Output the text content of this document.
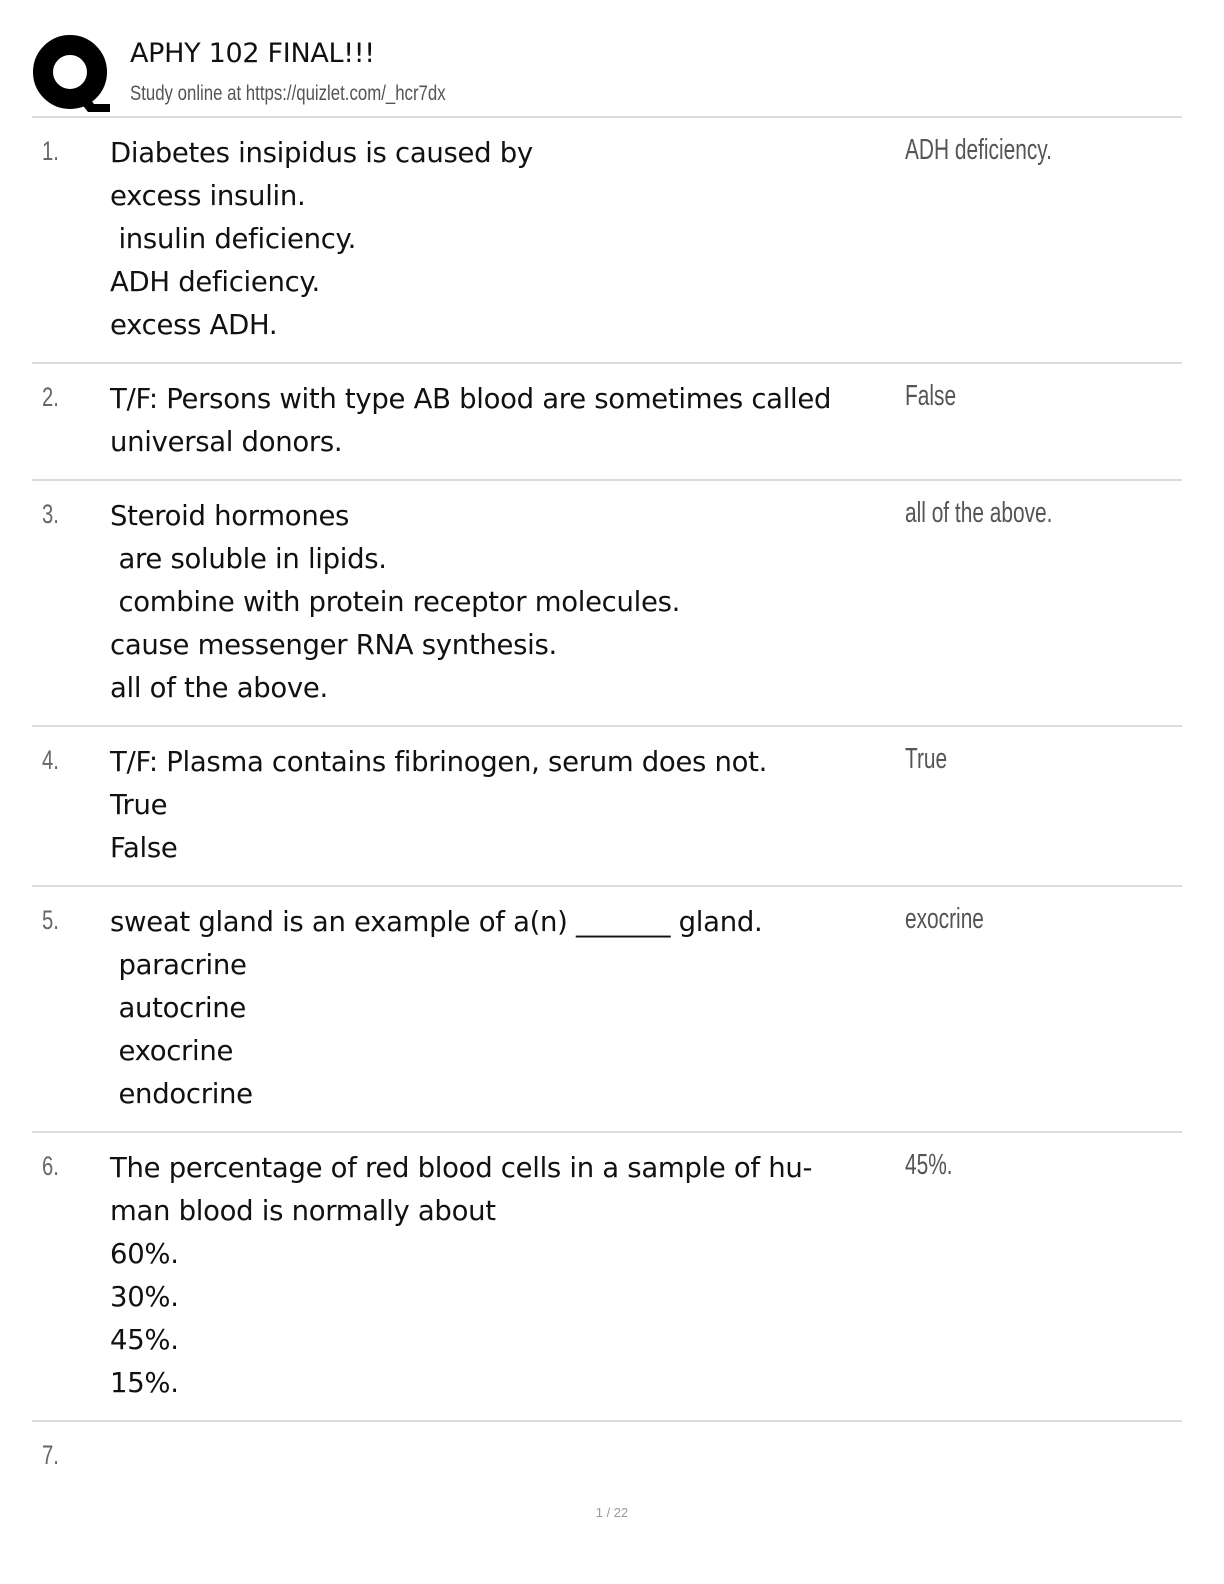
APHY 102 FINAL!!!
Study online at https://quizlet.com/_hcr7dx
1. Diabetes insipidus is caused by
excess insulin.
insulin deficiency.
ADH deficiency.
excess ADH.
ADH deficiency.
2. T/F: Persons with type AB blood are sometimes called
universal donors.
False
3. Steroid hormones
are soluble in lipids.
combine with protein receptor molecules.
cause messenger RNA synthesis.
all of the above.
all of the above.
4. T/F: Plasma contains fibrinogen, serum does not.
True
False
True
5. sweat gland is an example of a(n) _______ gland.
paracrine
autocrine
exocrine
endocrine
exocrine
6. The percentage of red blood cells in a sample of hu-
man blood is normally about
60%.
30%.
45%.
15%.
45%.
7.
1 / 22
